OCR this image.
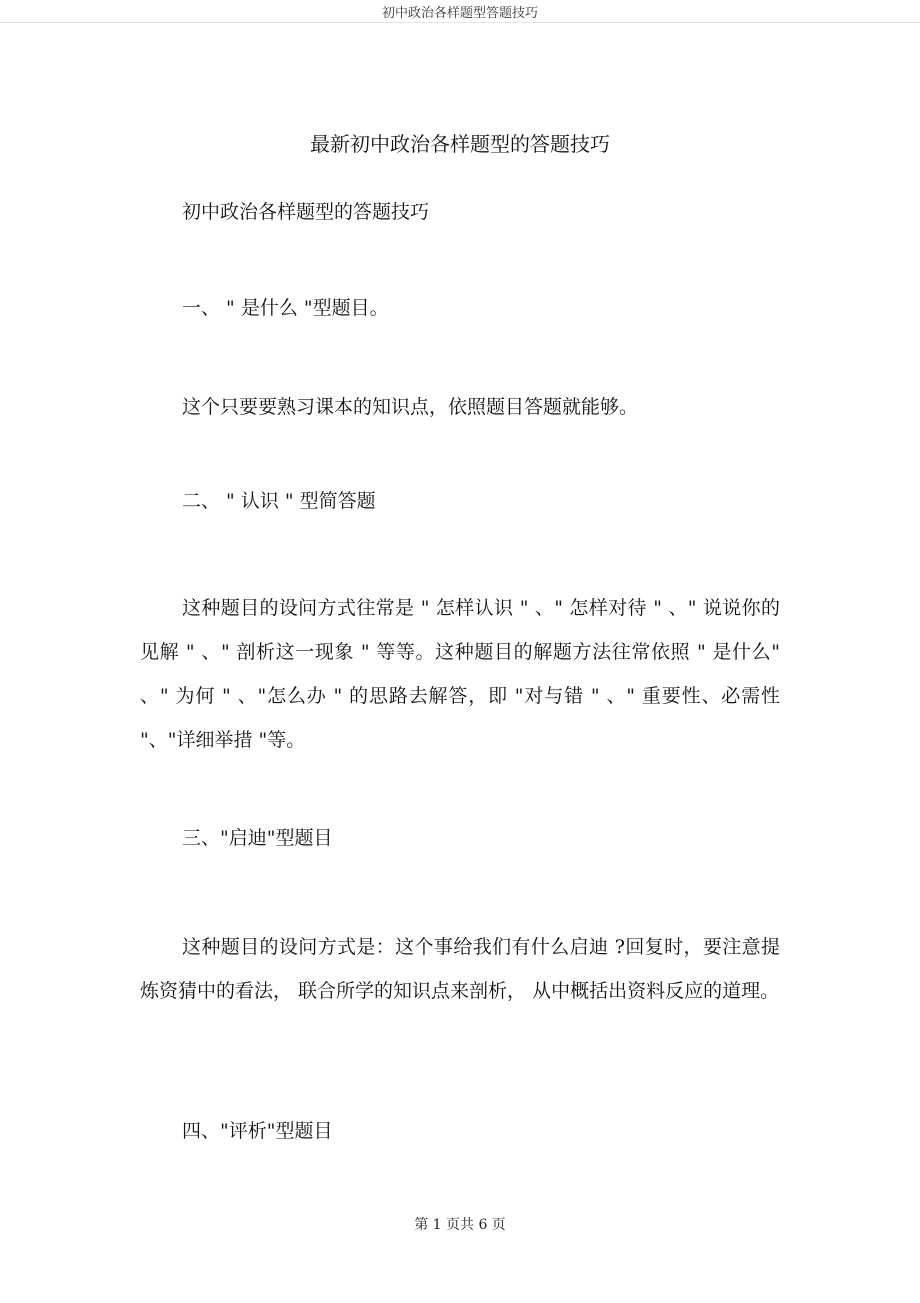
初中政治各样题型答题技巧
最新初中政治各样题型的答题技巧
初中政治各样题型的答题技巧
一、 " 是什么 "型题目。
这个只要要熟习课本的知识点，依照题目答题就能够。
二、 " 认识 " 型简答题

这种题目的设问方式往常是 " 怎样认识 " 、" 怎样对待 " 、" 说说你的见解 " 、" 剖析这一现象 " 等等。这种题目的解题方法往常依照 " 是什么" 、" 为何 " 、"怎么办 " 的思路去解答，即 "对与错 " 、" 重要性、必需性 "、"详细举措 "等。

三、"启迪"型题目

这种题目的设问方式是：这个事给我们有什么启迪 ?回复时，要注意提炼资猜中的看法， 联合所学的知识点来剖析， 从中概括出资料反应的道理。

四、"评析"型题目
第 1 页共 6 页
